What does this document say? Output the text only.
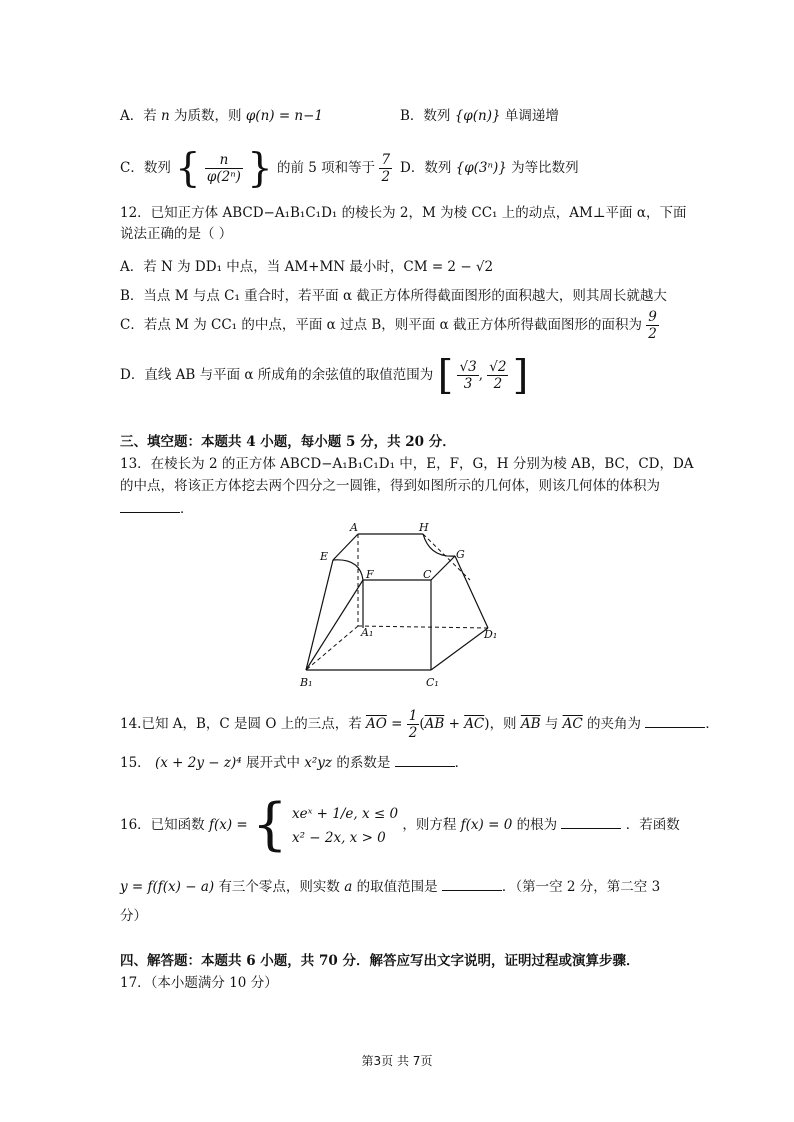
A．若 n 为质数，则 φ(n) = n−1	B．数列 {φ(n)} 单调递增
C．数列 { $\frac{n}{\text{φ(2ⁿ)}}$ } 的前 5 项和等于 $\frac{7}{2}$ D．数列 {φ(3ⁿ)} 为等比数列
12．已知正方体 ABCD−A₁B₁C₁D₁ 的棱长为 2，M 为棱 CC₁ 上的动点，AM⊥平面 α，下面
说法正确的是（ ）
A．若 N 为 DD₁ 中点，当 AM+MN 最小时，CM = 2 − √2
B．当点 M 与点 C₁ 重合时，若平面 α 截正方体所得截面图形的面积越大，则其周长就越大
C．若点 M 为 CC₁ 的中点，平面 α 过点 B，则平面 α 截正方体所得截面图形的面积为 $\frac{9}{2}$
D．直线 AB 与平面 α 所成角的余弦值的取值范围为 [ $\frac{√3}{3}$ , $\frac{√2}{2}$ ]
三、填空题：本题共 4 小题，每小题 5 分，共 20 分．
13．在棱长为 2 的正方体 ABCD−A₁B₁C₁D₁ 中，E，F，G，H 分别为棱 AB，BC，CD，DA
的中点，将该正方体挖去两个四分之一圆锥，得到如图所示的几何体，则该几何体的体积为
．
A	H
E	G
F	C
A₁	D₁
B₁	C₁
14.已知 A，B，C 是圆 O 上的三点，若 $\overline{AO} = \frac{1}{2} (\overline{AB} + \overline{AC})$，则 $\overline{AB}$ 与 $\overline{AC}$ 的夹角为	．
15． (x + 2y − z)⁴ 展开式中 x²yz 的系数是	．
16．已知函数 f(x) = { xeˣ + 1/e, x ≤ 0
x² − 2x, x > 0
，则方程 f(x) = 0 的根为	．若函数
y = f(f(x) − a) 有三个零点，则实数 a 的取值范围是	．（第一空 2 分，第二空 3
分）
四、解答题：本题共 6 小题，共 70 分．解答应写出文字说明，证明过程或演算步骤．
17．（本小题满分 10 分）
第3页 共 7页
